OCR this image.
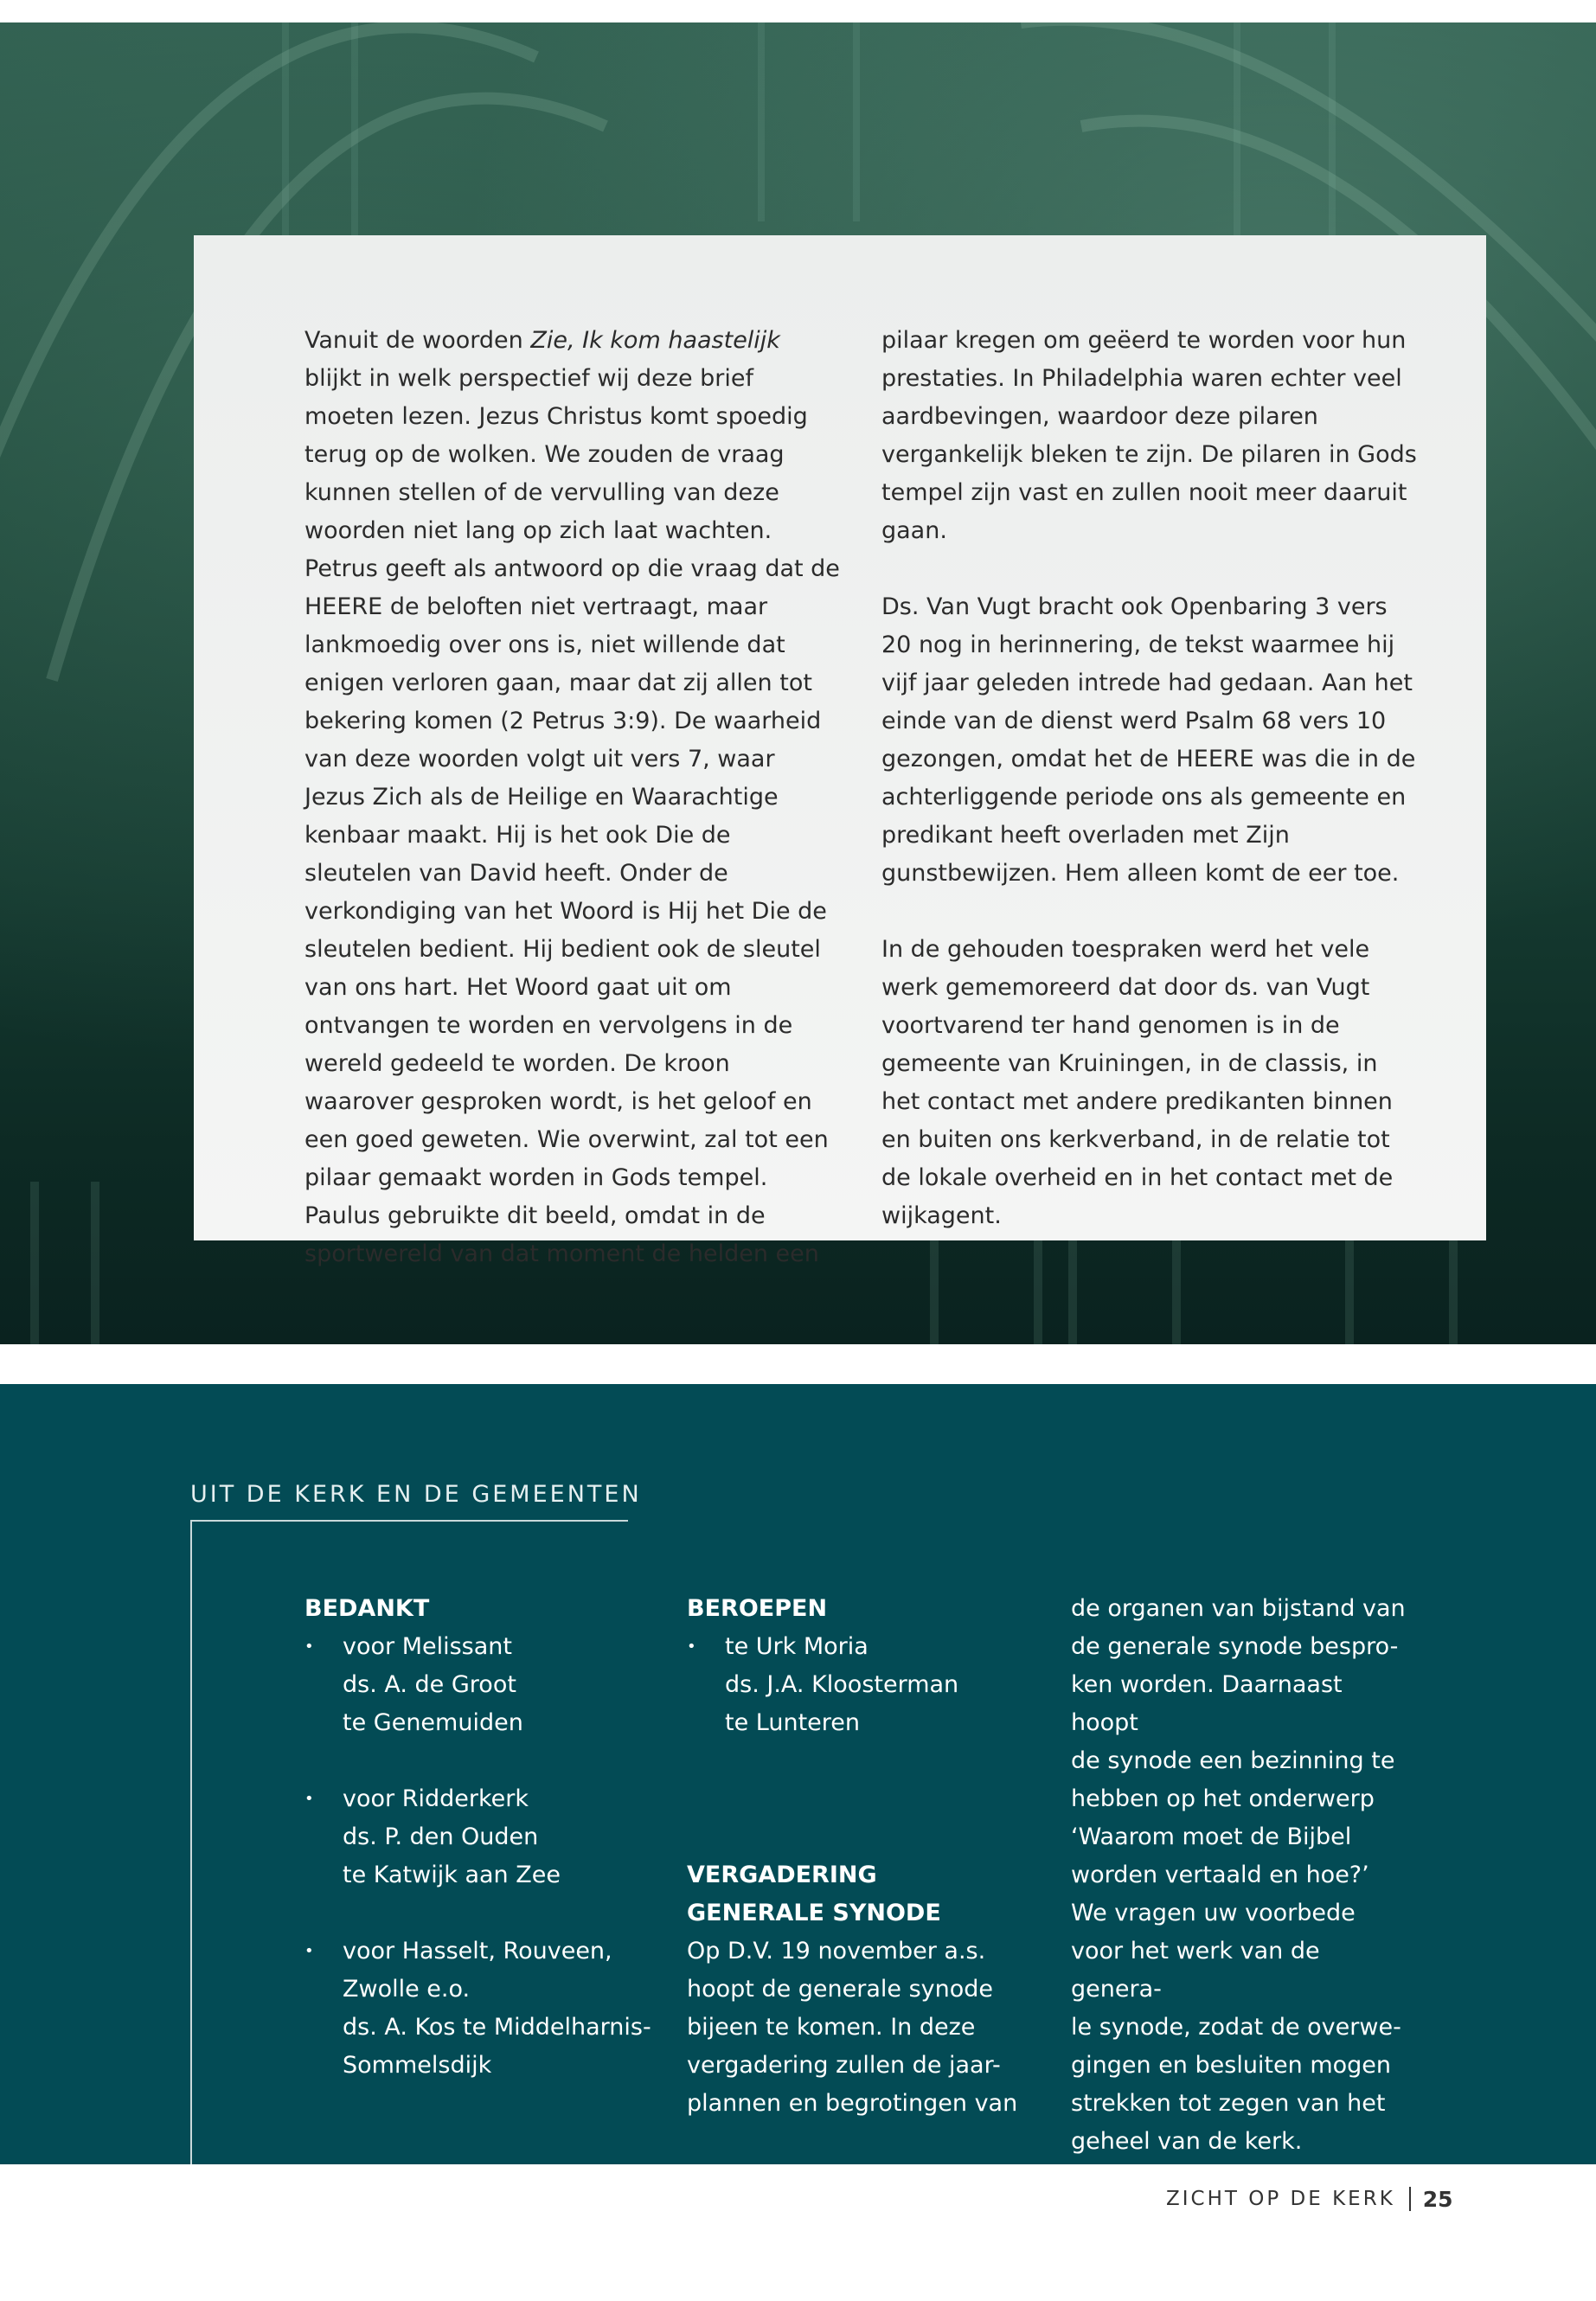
Vanuit de woorden Zie, Ik kom haastelijk blijkt in welk perspectief wij deze brief moeten lezen. Jezus Christus komt spoedig terug op de wolken. We zouden de vraag kunnen stellen of de vervulling van deze woorden niet lang op zich laat wachten. Petrus geeft als antwoord op die vraag dat de HEERE de beloften niet vertraagt, maar lankmoedig over ons is, niet willende dat enigen verloren gaan, maar dat zij allen tot bekering komen (2 Petrus 3:9). De waarheid van deze woorden volgt uit vers 7, waar Jezus Zich als de Heilige en Waarachtige kenbaar maakt. Hij is het ook Die de sleutelen van David heeft. Onder de verkondiging van het Woord is Hij het Die de sleutelen bedient. Hij bedient ook de sleutel van ons hart. Het Woord gaat uit om ontvangen te worden en vervolgens in de wereld gedeeld te worden. De kroon waarover gesproken wordt, is het geloof en een goed geweten. Wie overwint, zal tot een pilaar gemaakt worden in Gods tempel. Paulus gebruikte dit beeld, omdat in de sportwereld van dat moment de helden een

pilaar kregen om geëerd te worden voor hun prestaties. In Philadelphia waren echter veel aardbevingen, waardoor deze pilaren vergankelijk bleken te zijn. De pilaren in Gods tempel zijn vast en zullen nooit meer daaruit gaan.

Ds. Van Vugt bracht ook Openbaring 3 vers 20 nog in herinnering, de tekst waarmee hij vijf jaar geleden intrede had gedaan. Aan het einde van de dienst werd Psalm 68 vers 10 gezongen, omdat het de HEERE was die in de achterliggende periode ons als gemeente en predikant heeft overladen met Zijn gunstbewijzen. Hem alleen komt de eer toe.

In de gehouden toespraken werd het vele werk gememoreerd dat door ds. van Vugt voortvarend ter hand genomen is in de gemeente van Kruiningen, in de classis, in het contact met andere predikanten binnen en buiten ons kerkverband, in de relatie tot de lokale overheid en in het contact met de wijkagent.

UIT DE KERK EN DE GEMEENTEN
BEDANKT
• voor Melissant
ds. A. de Groot
te Genemuiden
• voor Ridderkerk
ds. P. den Ouden
te Katwijk aan Zee
• voor Hasselt, Rouveen,
Zwolle e.o.
ds. A. Kos te Middelharnis-
Sommelsdijk
BEROEPEN
• te Urk Moria
ds. J.A. Kloosterman
te Lunteren
VERGADERING
GENERALE SYNODE
Op D.V. 19 november a.s.
hoopt de generale synode
bijeen te komen. In deze
vergadering zullen de jaar-
plannen en begrotingen van
de organen van bijstand van
de generale synode bespro-
ken worden. Daarnaast hoopt
de synode een bezinning te
hebben op het onderwerp
‘Waarom moet de Bijbel
worden vertaald en hoe?’
We vragen uw voorbede
voor het werk van de genera-
le synode, zodat de overwe-
gingen en besluiten mogen
strekken tot zegen van het
geheel van de kerk.
ZICHT OP DE KERK 25
